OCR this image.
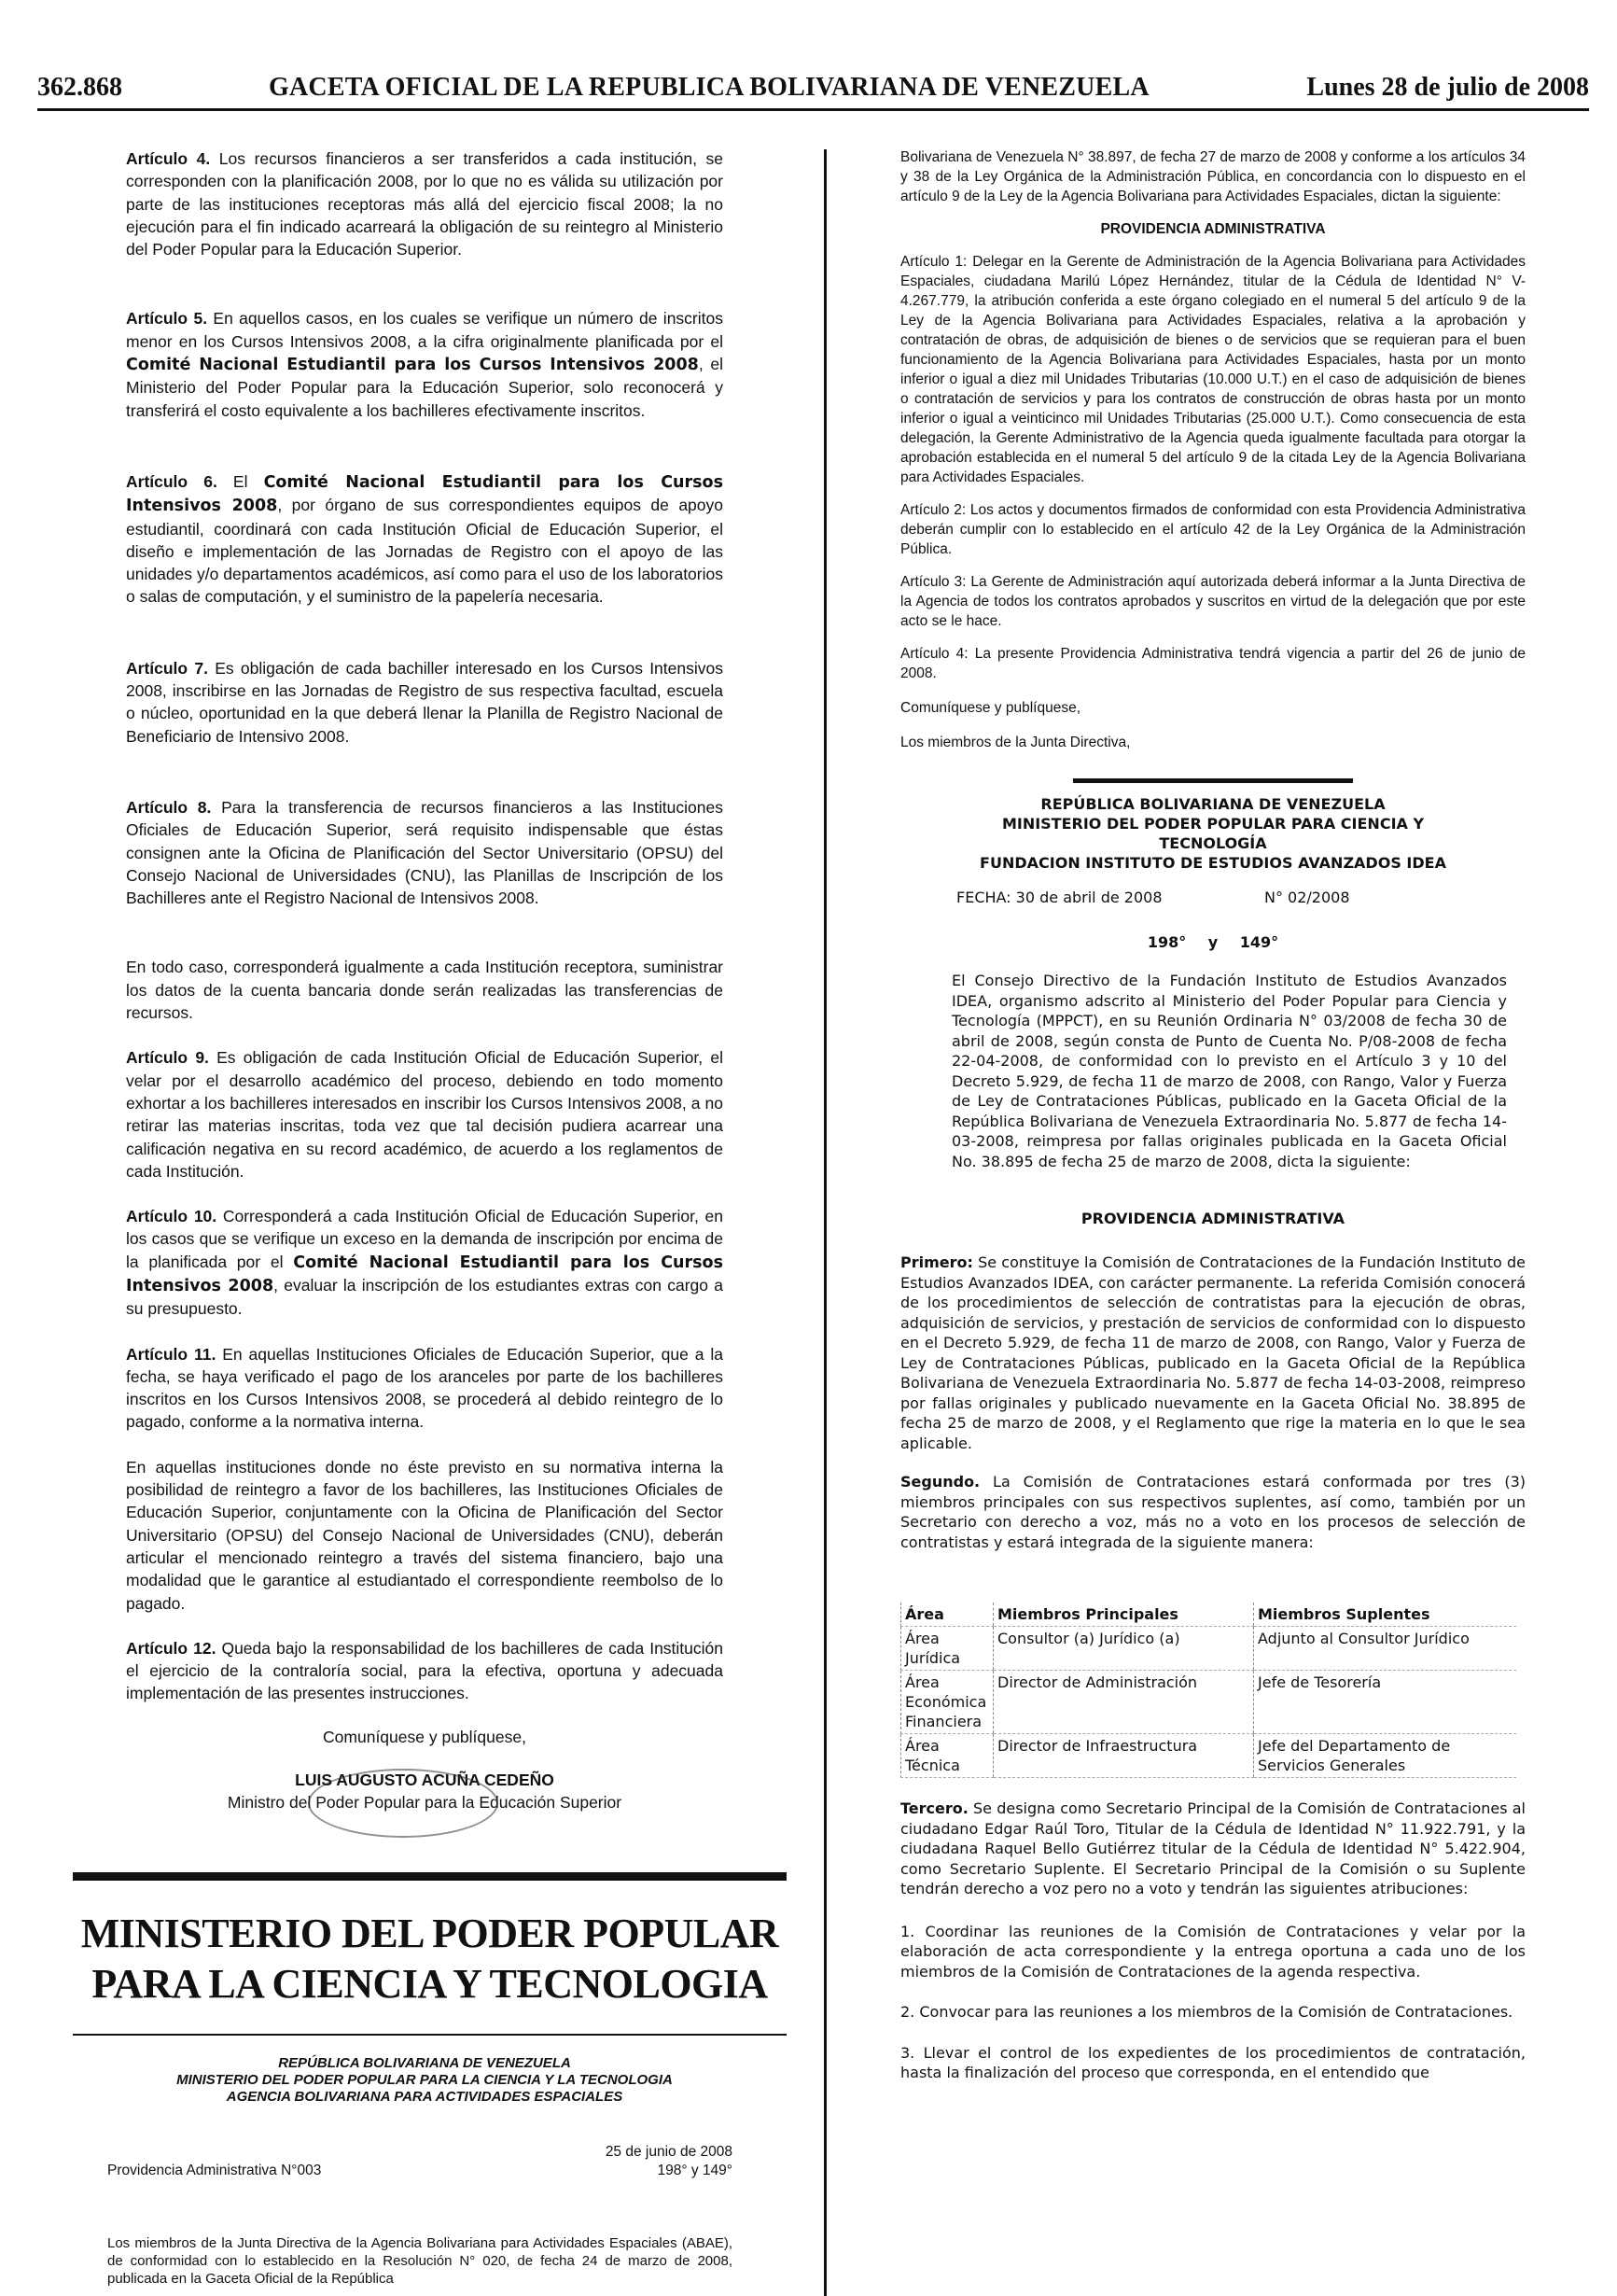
362.868	GACETA OFICIAL DE LA REPUBLICA BOLIVARIANA DE VENEZUELA	Lunes 28 de julio de 2008

Artículo 4. Los recursos financieros a ser transferidos a cada institución, se corresponden con la planificación 2008, por lo que no es válida su utilización por parte de las instituciones receptoras más allá del ejercicio fiscal 2008; la no ejecución para el fin indicado acarreará la obligación de su reintegro al Ministerio del Poder Popular para la Educación Superior.

Artículo 5. En aquellos casos, en los cuales se verifique un número de inscritos menor en los Cursos Intensivos 2008, a la cifra originalmente planificada por el Comité Nacional Estudiantil para los Cursos Intensivos 2008, el Ministerio del Poder Popular para la Educación Superior, solo reconocerá y transferirá el costo equivalente a los bachilleres efectivamente inscritos.

Artículo 6. El Comité Nacional Estudiantil para los Cursos Intensivos 2008, por órgano de sus correspondientes equipos de apoyo estudiantil, coordinará con cada Institución Oficial de Educación Superior, el diseño e implementación de las Jornadas de Registro con el apoyo de las unidades y/o departamentos académicos, así como para el uso de los laboratorios o salas de computación, y el suministro de la papelería necesaria.

Artículo 7. Es obligación de cada bachiller interesado en los Cursos Intensivos 2008, inscribirse en las Jornadas de Registro de sus respectiva facultad, escuela o núcleo, oportunidad en la que deberá llenar la Planilla de Registro Nacional de Beneficiario de Intensivo 2008.

Artículo 8. Para la transferencia de recursos financieros a las Instituciones Oficiales de Educación Superior, será requisito indispensable que éstas consignen ante la Oficina de Planificación del Sector Universitario (OPSU) del Consejo Nacional de Universidades (CNU), las Planillas de Inscripción de los Bachilleres ante el Registro Nacional de Intensivos 2008.

En todo caso, corresponderá igualmente a cada Institución receptora, suministrar los datos de la cuenta bancaria donde serán realizadas las transferencias de recursos.

Artículo 9. Es obligación de cada Institución Oficial de Educación Superior, el velar por el desarrollo académico del proceso, debiendo en todo momento exhortar a los bachilleres interesados en inscribir los Cursos Intensivos 2008, a no retirar las materias inscritas, toda vez que tal decisión pudiera acarrear una calificación negativa en su record académico, de acuerdo a los reglamentos de cada Institución.

Artículo 10. Corresponderá a cada Institución Oficial de Educación Superior, en los casos que se verifique un exceso en la demanda de inscripción por encima de la planificada por el Comité Nacional Estudiantil para los Cursos Intensivos 2008, evaluar la inscripción de los estudiantes extras con cargo a su presupuesto.

Artículo 11. En aquellas Instituciones Oficiales de Educación Superior, que a la fecha, se haya verificado el pago de los aranceles por parte de los bachilleres inscritos en los Cursos Intensivos 2008, se procederá al debido reintegro de lo pagado, conforme a la normativa interna.

En aquellas instituciones donde no éste previsto en su normativa interna la posibilidad de reintegro a favor de los bachilleres, las Instituciones Oficiales de Educación Superior, conjuntamente con la Oficina de Planificación del Sector Universitario (OPSU) del Consejo Nacional de Universidades (CNU), deberán articular el mencionado reintegro a través del sistema financiero, bajo una modalidad que le garantice al estudiantado el correspondiente reembolso de lo pagado.

Artículo 12. Queda bajo la responsabilidad de los bachilleres de cada Institución el ejercicio de la contraloría social, para la efectiva, oportuna y adecuada implementación de las presentes instrucciones.

Comuníquese y publíquese,

LUIS AUGUSTO ACUÑA CEDEÑO

Ministro del Poder Popular para la Educación Superior

MINISTERIO DEL PODER POPULAR

PARA LA CIENCIA Y TECNOLOGIA

REPÚBLICA BOLIVARIANA DE VENEZUELA

MINISTERIO DEL PODER POPULAR PARA LA CIENCIA Y LA TECNOLOGIA

AGENCIA BOLIVARIANA PARA ACTIVIDADES ESPACIALES

Providencia Administrativa N°003
25 de junio de 2008
198° y 149°

Los miembros de la Junta Directiva de la Agencia Bolivariana para Actividades Espaciales (ABAE), de conformidad con lo establecido en la Resolución N° 020, de fecha 24 de marzo de 2008, publicada en la Gaceta Oficial de la República

Bolivariana de Venezuela N° 38.897, de fecha 27 de marzo de 2008 y conforme a los artículos 34 y 38 de la Ley Orgánica de la Administración Pública, en concordancia con lo dispuesto en el artículo 9 de la Ley de la Agencia Bolivariana para Actividades Espaciales, dictan la siguiente:

PROVIDENCIA ADMINISTRATIVA

Artículo 1: Delegar en la Gerente de Administración de la Agencia Bolivariana para Actividades Espaciales, ciudadana Marilú López Hernández, titular de la Cédula de Identidad N° V- 4.267.779, la atribución conferida a este órgano colegiado en el numeral 5 del artículo 9 de la Ley de la Agencia Bolivariana para Actividades Espaciales, relativa a la aprobación y contratación de obras, de adquisición de bienes o de servicios que se requieran para el buen funcionamiento de la Agencia Bolivariana para Actividades Espaciales, hasta por un monto inferior o igual a diez mil Unidades Tributarias (10.000 U.T.) en el caso de adquisición de bienes o contratación de servicios y para los contratos de construcción de obras hasta por un monto inferior o igual a veinticinco mil Unidades Tributarias (25.000 U.T.). Como consecuencia de esta delegación, la Gerente Administrativo de la Agencia queda igualmente facultada para otorgar la aprobación establecida en el numeral 5 del artículo 9 de la citada Ley de la Agencia Bolivariana para Actividades Espaciales.

Artículo 2: Los actos y documentos firmados de conformidad con esta Providencia Administrativa deberán cumplir con lo establecido en el artículo 42 de la Ley Orgánica de la Administración Pública.

Artículo 3: La Gerente de Administración aquí autorizada deberá informar a la Junta Directiva de la Agencia de todos los contratos aprobados y suscritos en virtud de la delegación que por este acto se le hace.

Artículo 4: La presente Providencia Administrativa tendrá vigencia a partir del 26 de junio de 2008.

Comuníquese y publíquese,

Los miembros de la Junta Directiva,

REPÚBLICA BOLIVARIANA DE VENEZUELA

MINISTERIO DEL PODER POPULAR PARA CIENCIA Y

TECNOLOGÍA

FUNDACION INSTITUTO DE ESTUDIOS AVANZADOS IDEA

FECHA: 30 de abril de 2008	N° 02/2008

198° y 149°

El Consejo Directivo de la Fundación Instituto de Estudios Avanzados IDEA, organismo adscrito al Ministerio del Poder Popular para Ciencia y Tecnología (MPPCT), en su Reunión Ordinaria N° 03/2008 de fecha 30 de abril de 2008, según consta de Punto de Cuenta No. P/08-2008 de fecha 22-04-2008, de conformidad con lo previsto en el Artículo 3 y 10 del Decreto 5.929, de fecha 11 de marzo de 2008, con Rango, Valor y Fuerza de Ley de Contrataciones Públicas, publicado en la Gaceta Oficial de la República Bolivariana de Venezuela Extraordinaria No. 5.877 de fecha 14-03-2008, reimpresa por fallas originales publicada en la Gaceta Oficial No. 38.895 de fecha 25 de marzo de 2008, dicta la siguiente:

PROVIDENCIA ADMINISTRATIVA

Primero: Se constituye la Comisión de Contrataciones de la Fundación Instituto de Estudios Avanzados IDEA, con carácter permanente. La referida Comisión conocerá de los procedimientos de selección de contratistas para la ejecución de obras, adquisición de servicios, y prestación de servicios de conformidad con lo dispuesto en el Decreto 5.929, de fecha 11 de marzo de 2008, con Rango, Valor y Fuerza de Ley de Contrataciones Públicas, publicado en la Gaceta Oficial de la República Bolivariana de Venezuela Extraordinaria No. 5.877 de fecha 14-03-2008, reimpreso por fallas originales y publicado nuevamente en la Gaceta Oficial No. 38.895 de fecha 25 de marzo de 2008, y el Reglamento que rige la materia en lo que le sea aplicable.

Segundo. La Comisión de Contrataciones estará conformada por tres (3) miembros principales con sus respectivos suplentes, así como, también por un Secretario con derecho a voz, más no a voto en los procesos de selección de contratistas y estará integrada de la siguiente manera:

Área	Miembros Principales	Miembros Suplentes
Área Jurídica	Consultor (a) Jurídico (a)	Adjunto al Consultor Jurídico
Área Económica Financiera	Director de Administración	Jefe de Tesorería
Área Técnica	Director de Infraestructura	Jefe del Departamento de Servicios Generales

Tercero. Se designa como Secretario Principal de la Comisión de Contrataciones al ciudadano Edgar Raúl Toro, Titular de la Cédula de Identidad N° 11.922.791, y la ciudadana Raquel Bello Gutiérrez titular de la Cédula de Identidad N° 5.422.904, como Secretario Suplente. El Secretario Principal de la Comisión o su Suplente tendrán derecho a voz pero no a voto y tendrán las siguientes atribuciones:

1. Coordinar las reuniones de la Comisión de Contrataciones y velar por la elaboración de acta correspondiente y la entrega oportuna a cada uno de los miembros de la Comisión de Contrataciones de la agenda respectiva.

2. Convocar para las reuniones a los miembros de la Comisión de Contrataciones.

3. Llevar el control de los expedientes de los procedimientos de contratación, hasta la finalización del proceso que corresponda, en el entendido que
